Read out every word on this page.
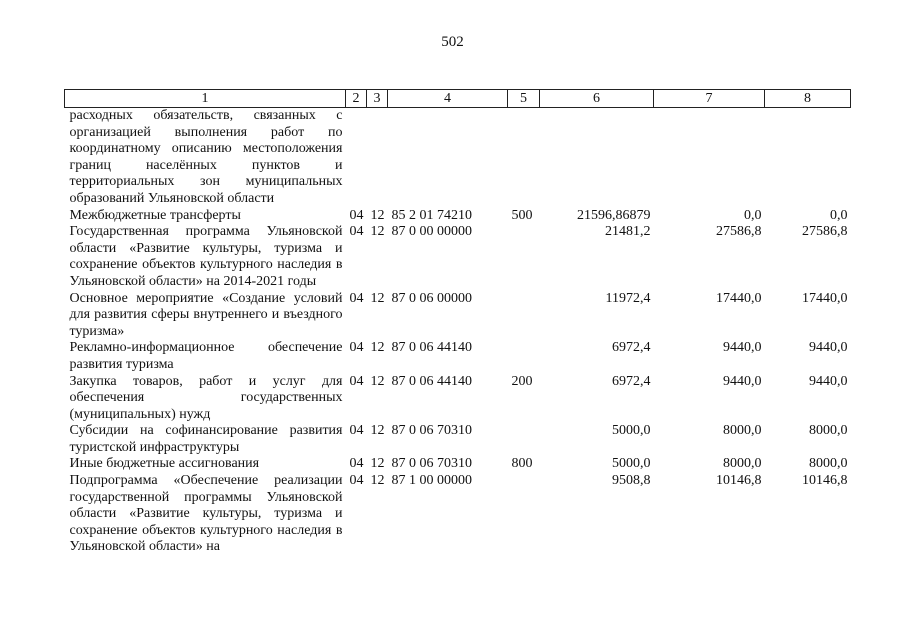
502
1	2	3	4	5	6	7	8
расходных обязательств, связанных с организацией выполнения работ по координатному описанию местоположения границ населённых пунктов и территориальных зон муниципальных образований Ульяновской области							
Межбюджетные трансферты	04	12	85 2 01 74210	500	21596,86879	0,0	0,0
Государственная программа Ульяновской области «Развитие культуры, туризма и сохранение объектов культурного наследия в Ульяновской области» на 2014-2021 годы	04	12	87 0 00 00000		21481,2	27586,8	27586,8
Основное мероприятие «Создание условий для развития сферы внутреннего и въездного туризма»	04	12	87 0 06 00000		11972,4	17440,0	17440,0
Рекламно-информационное обеспечение развития туризма	04	12	87 0 06 44140		6972,4	9440,0	9440,0
Закупка товаров, работ и услуг для обеспечения государственных (муниципальных) нужд	04	12	87 0 06 44140	200	6972,4	9440,0	9440,0
Субсидии на софинансирование развития туристской инфраструктуры	04	12	87 0 06 70310		5000,0	8000,0	8000,0
Иные бюджетные ассигнования	04	12	87 0 06 70310	800	5000,0	8000,0	8000,0
Подпрограмма «Обеспечение реализации государственной программы Ульяновской области «Развитие культуры, туризма и сохранение объектов культурного наследия в Ульяновской области» на	04	12	87 1 00 00000		9508,8	10146,8	10146,8
